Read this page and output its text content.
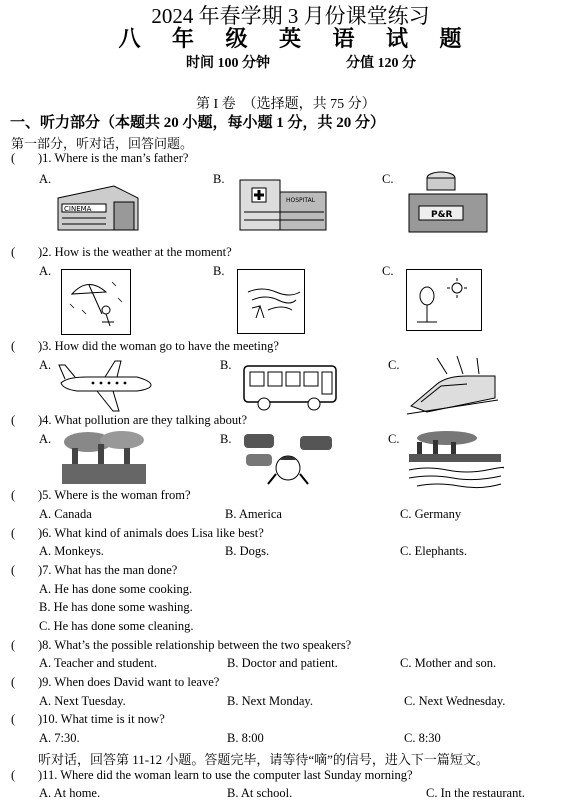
2024 年春学期 3 月份课堂练习
八 年 级 英 语 试 题
时间 100 分钟	分值 120 分
第 I 卷　（选择题，共 75 分）
一、听力部分（本题共 20 小题，每小题 1 分，共 20 分）
第一部分，听对话，回答问题。
( )1. Where is the man’s father?
A.	B.	C.
CINEMA
HOSPITAL
P&R
( )2. How is the weather at the moment?
A.	B.	C.
( )3. How did the woman go to have the meeting?
A.	B.	C.
( )4. What pollution are they talking about?
A.	B.	C.
( )5. Where is the woman from?
A. Canada	B. America	C. Germany
( )6. What kind of animals does Lisa like best?
A. Monkeys.	B. Dogs.	C. Elephants.
( )7. What has the man done?
A. He has done some cooking.
B. He has done some washing.
C. He has done some cleaning.
( )8. What’s the possible relationship between the two speakers?
A. Teacher and student.	B. Doctor and patient.	C. Mother and son.
( )9. When does David want to leave?
A. Next Tuesday.	B. Next Monday.	C. Next Wednesday.
( )10. What time is it now?
A. 7:30.	B. 8:00	C. 8:30
听对话，回答第 11-12 小题。答题完毕，请等待“嘀”的信号，进入下一篇短文。
( )11. Where did the woman learn to use the computer last Sunday morning?
A. At home.	B. At school.	C. In the restaurant.
